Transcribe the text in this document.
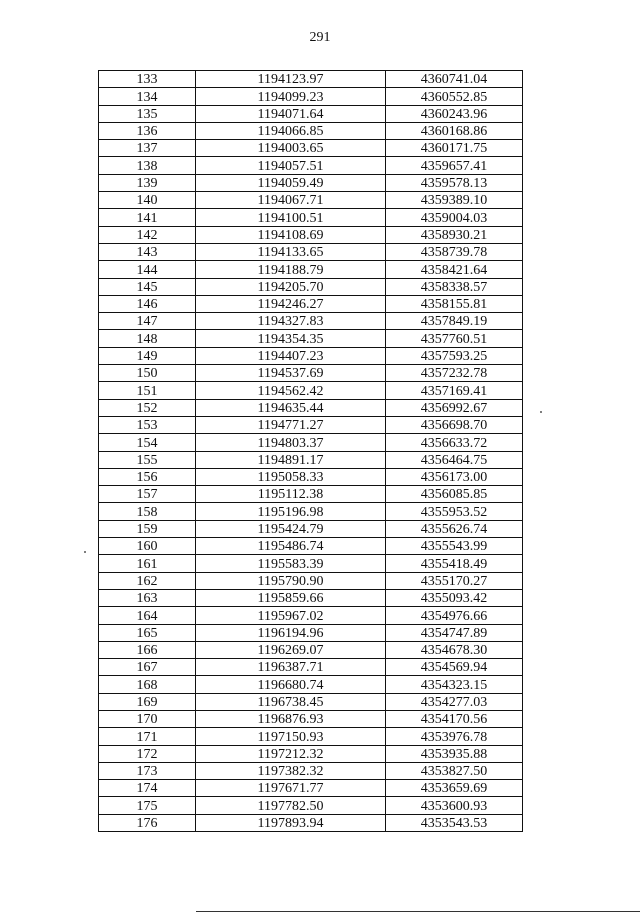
291
133	1194123.97	4360741.04
134	1194099.23	4360552.85
135	1194071.64	4360243.96
136	1194066.85	4360168.86
137	1194003.65	4360171.75
138	1194057.51	4359657.41
139	1194059.49	4359578.13
140	1194067.71	4359389.10
141	1194100.51	4359004.03
142	1194108.69	4358930.21
143	1194133.65	4358739.78
144	1194188.79	4358421.64
145	1194205.70	4358338.57
146	1194246.27	4358155.81
147	1194327.83	4357849.19
148	1194354.35	4357760.51
149	1194407.23	4357593.25
150	1194537.69	4357232.78
151	1194562.42	4357169.41
152	1194635.44	4356992.67
153	1194771.27	4356698.70
154	1194803.37	4356633.72
155	1194891.17	4356464.75
156	1195058.33	4356173.00
157	1195112.38	4356085.85
158	1195196.98	4355953.52
159	1195424.79	4355626.74
160	1195486.74	4355543.99
161	1195583.39	4355418.49
162	1195790.90	4355170.27
163	1195859.66	4355093.42
164	1195967.02	4354976.66
165	1196194.96	4354747.89
166	1196269.07	4354678.30
167	1196387.71	4354569.94
168	1196680.74	4354323.15
169	1196738.45	4354277.03
170	1196876.93	4354170.56
171	1197150.93	4353976.78
172	1197212.32	4353935.88
173	1197382.32	4353827.50
174	1197671.77	4353659.69
175	1197782.50	4353600.93
176	1197893.94	4353543.53
